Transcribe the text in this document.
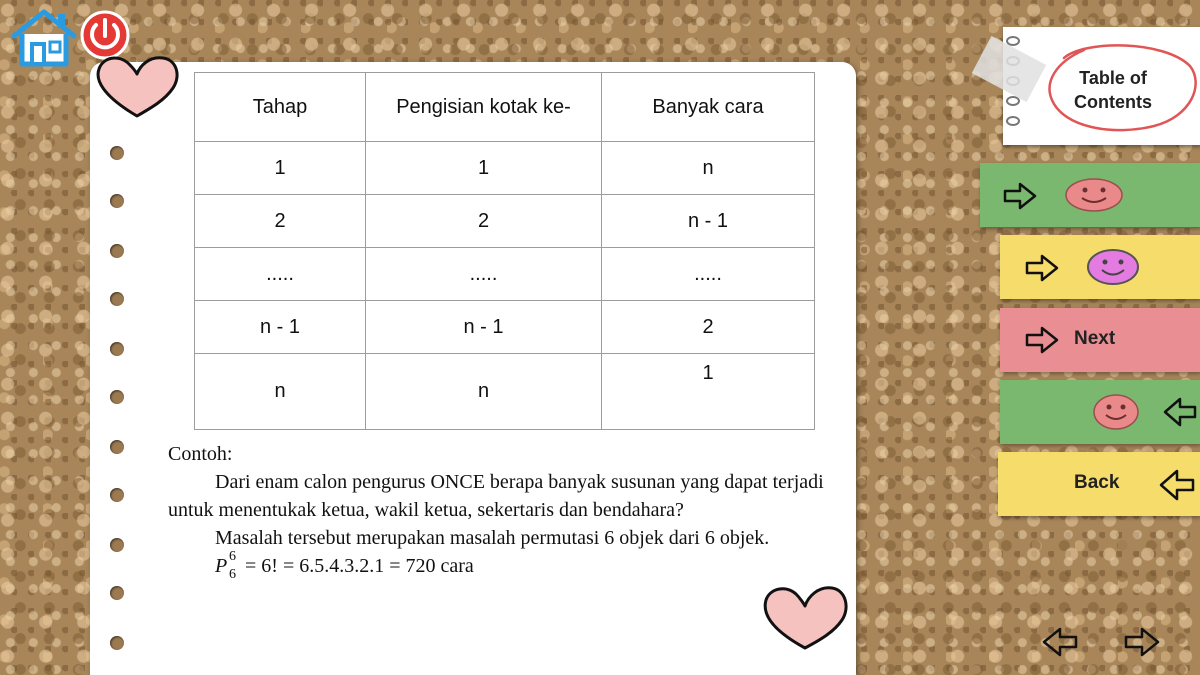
Tahap	Pengisian kotak ke-	Banyak cara
1	1	n
2	2	n - 1
.....	.....	.....
n - 1	n - 1	2
n	n	1

Contoh:

Dari enam calon pengurus ONCE berapa banyak susunan yang dapat terjadi untuk menentukak ketua, wakil ketua, sekertaris dan bendahara?

Masalah tersebut merupakan masalah permutasi 6 objek dari 6 objek.

P 6
6 = 6! = 6.5.4.3.2.1 = 720 cara

Table of Contents
Next
Back
